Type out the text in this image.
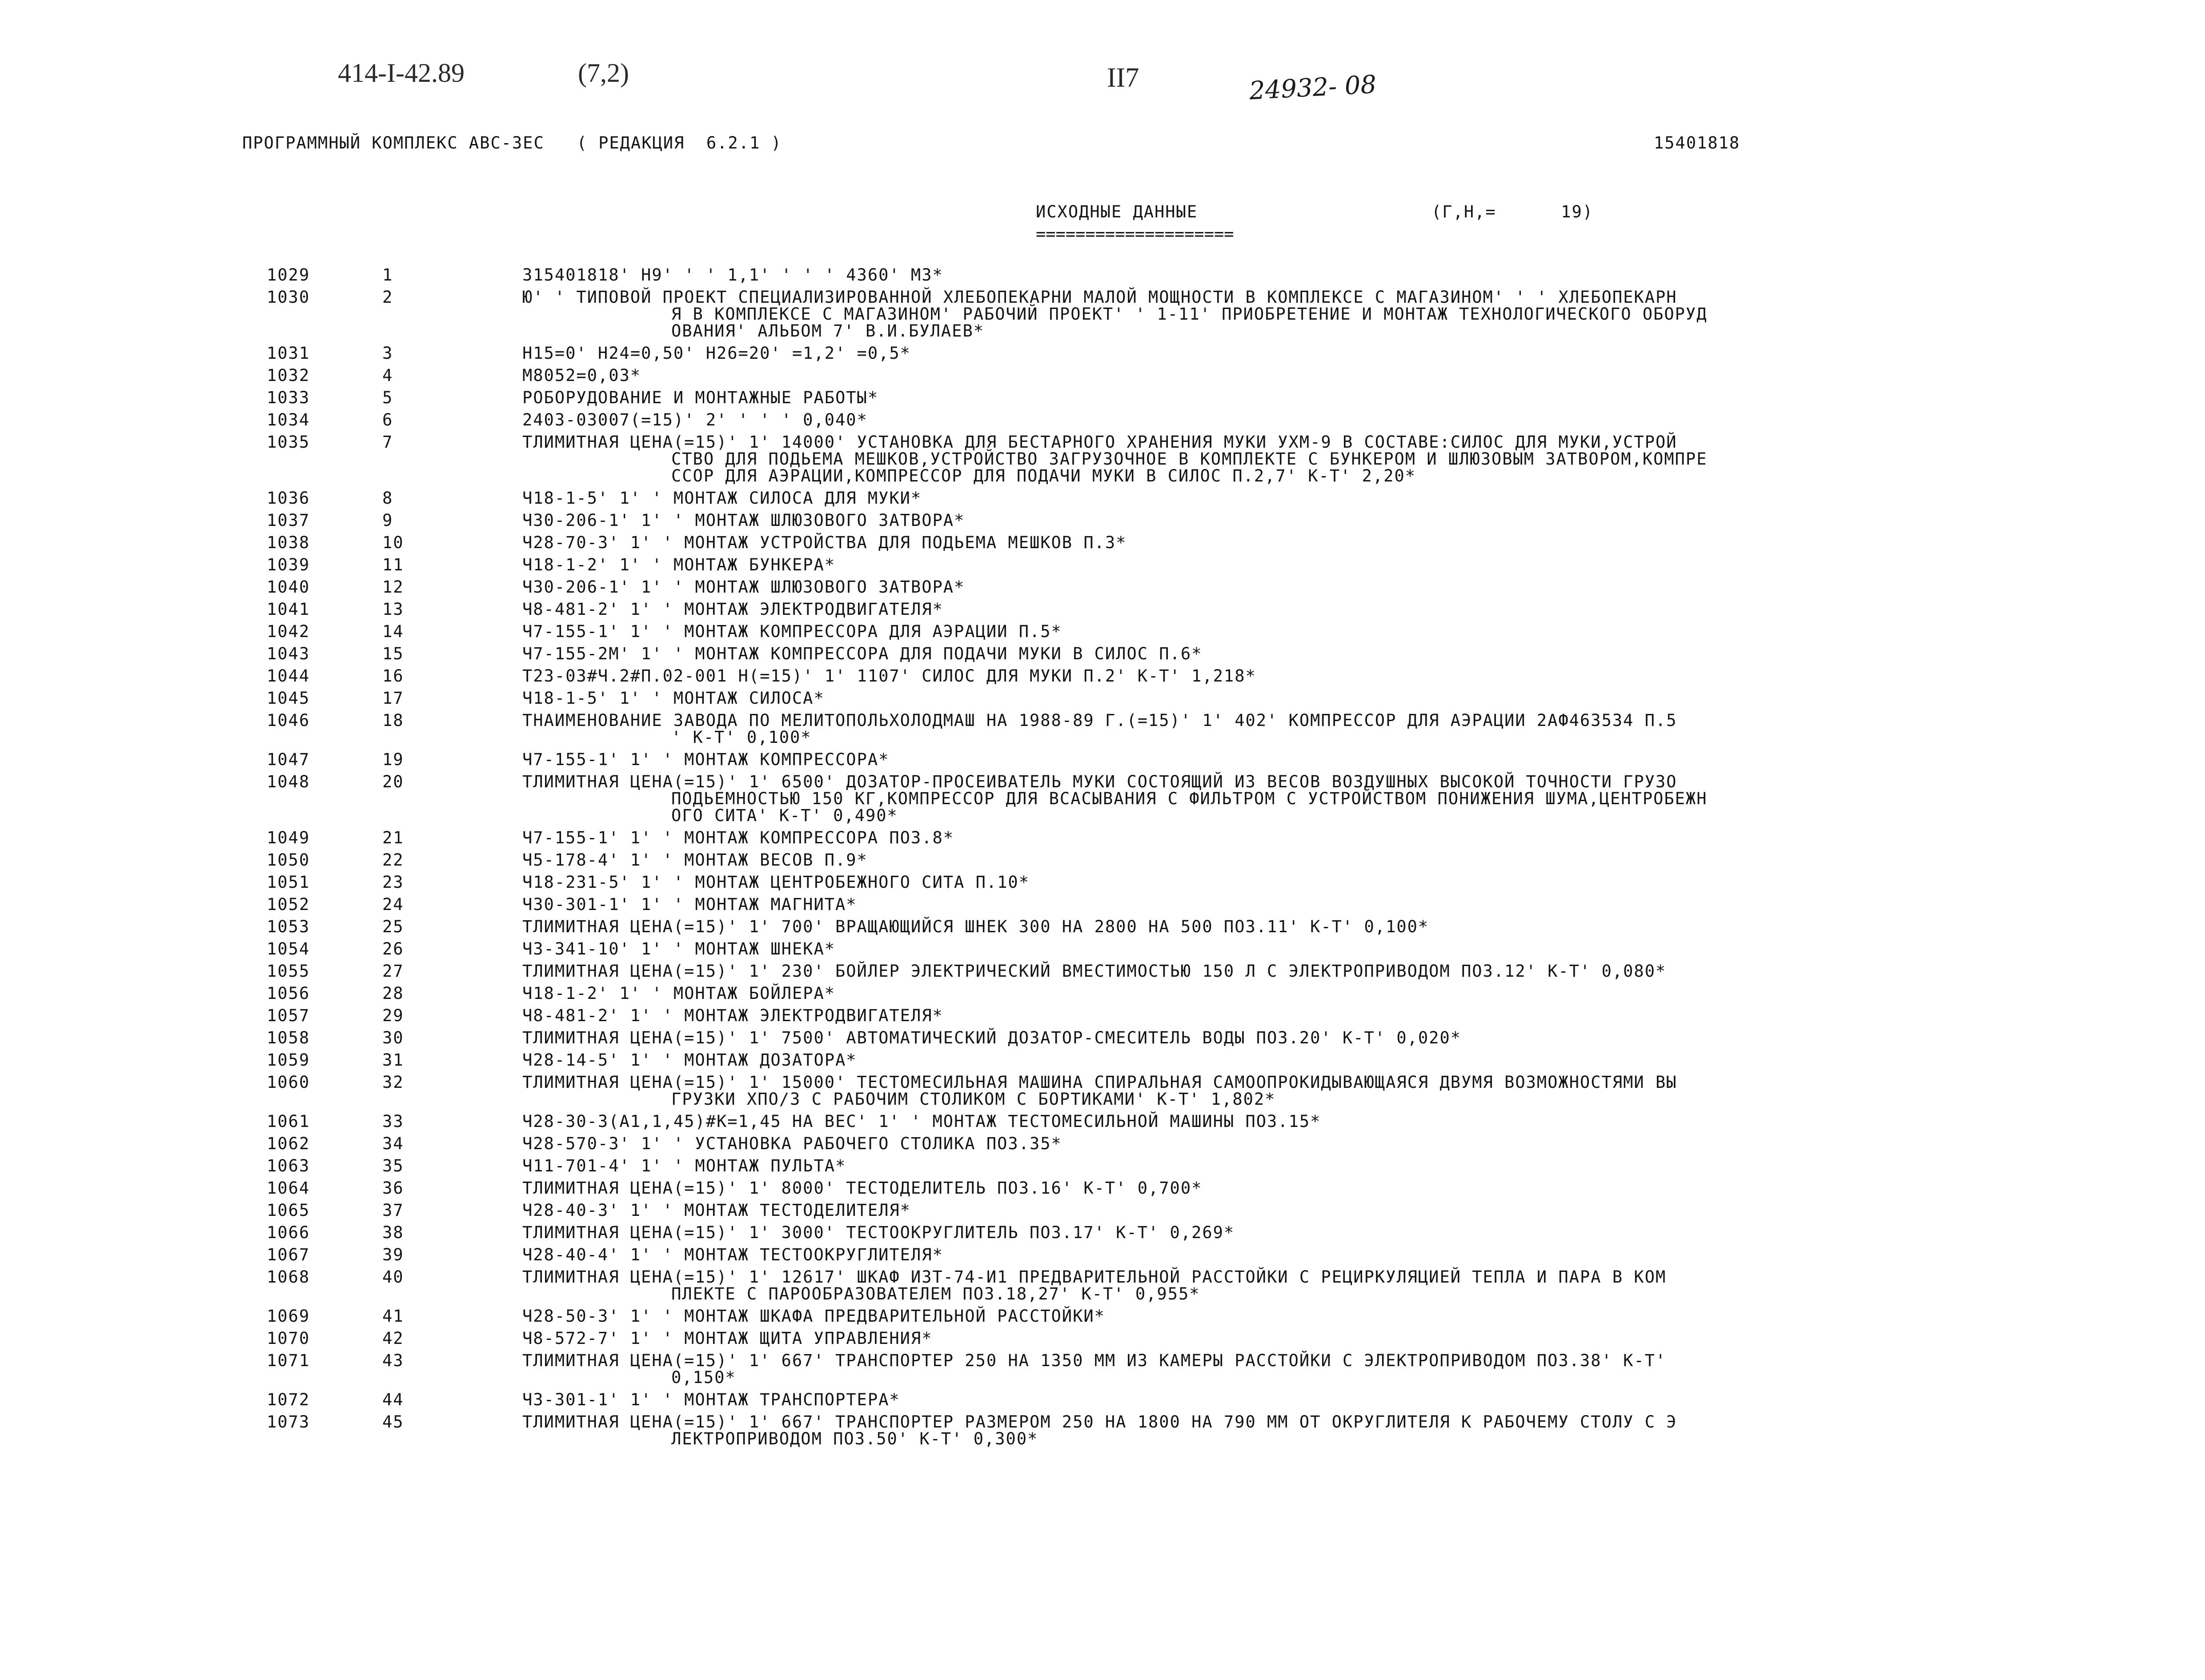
414-I-42.89	(7,2)	II7	24932- 08
ПРОГРАММНЫЙ КОМПЛЕКС АВС-3ЕС   ( РЕДАКЦИЯ  6.2.1 )	15401818
ИСХОДНЫЕ ДАННЫЕ
====================
(Г,Н,=      19)
1029	1	315401818' Н9' ' ' 1,1' ' ' ' 4360' М3*
1030	2	Ю' ' ТИПОВОЙ ПРОЕКТ СПЕЦИАЛИЗИРОВАННОЙ ХЛЕБОПЕКАРНИ МАЛОЙ МОЩНОСТИ В КОМПЛЕКСЕ С МАГАЗИНОМ' ' ' ХЛЕБОПЕКАРН
Я В КОМПЛЕКСЕ С МАГАЗИНОМ' РАБОЧИЙ ПРОЕКТ' ' 1-11' ПРИОБРЕТЕНИЕ И МОНТАЖ ТЕХНОЛОГИЧЕСКОГО ОБОРУД
ОВАНИЯ' АЛЬБОМ 7' В.И.БУЛАЕВ*
1031	3	Н15=0' Н24=0,50' Н26=20' =1,2' =0,5*
1032	4	М8052=0,03*
1033	5	РОБОРУДОВАНИЕ И МОНТАЖНЫЕ РАБОТЫ*
1034	6	2403-03007(=15)' 2' ' ' ' 0,040*
1035	7	ТЛИМИТНАЯ ЦЕНА(=15)' 1' 14000' УСТАНОВКА ДЛЯ БЕСТАРНОГО ХРАНЕНИЯ МУКИ УХМ-9 В СОСТАВЕ:СИЛОС ДЛЯ МУКИ,УСТРОЙ
СТВО ДЛЯ ПОДЬЕМА МЕШКОВ,УСТРОЙСТВО ЗАГРУЗОЧНОЕ В КОМПЛЕКТЕ С БУНКЕРОМ И ШЛЮЗОВЫМ ЗАТВОРОМ,КОМПРЕ
ССОР ДЛЯ АЭРАЦИИ,КОМПРЕССОР ДЛЯ ПОДАЧИ МУКИ В СИЛОС П.2,7' К-Т' 2,20*
1036	8	Ч18-1-5' 1' ' МОНТАЖ СИЛОСА ДЛЯ МУКИ*
1037	9	Ч30-206-1' 1' ' МОНТАЖ ШЛЮЗОВОГО ЗАТВОРА*
1038	10	Ч28-70-3' 1' ' МОНТАЖ УСТРОЙСТВА ДЛЯ ПОДЬЕМА МЕШКОВ П.3*
1039	11	Ч18-1-2' 1' ' МОНТАЖ БУНКЕРА*
1040	12	Ч30-206-1' 1' ' МОНТАЖ ШЛЮЗОВОГО ЗАТВОРА*
1041	13	Ч8-481-2' 1' ' МОНТАЖ ЭЛЕКТРОДВИГАТЕЛЯ*
1042	14	Ч7-155-1' 1' ' МОНТАЖ КОМПРЕССОРА ДЛЯ АЭРАЦИИ П.5*
1043	15	Ч7-155-2М' 1' ' МОНТАЖ КОМПРЕССОРА ДЛЯ ПОДАЧИ МУКИ В СИЛОС П.6*
1044	16	Т23-03#Ч.2#П.02-001 Н(=15)' 1' 1107' СИЛОС ДЛЯ МУКИ П.2' К-Т' 1,218*
1045	17	Ч18-1-5' 1' ' МОНТАЖ СИЛОСА*
1046	18	ТНАИМЕНОВАНИЕ ЗАВОДА ПО МЕЛИТОПОЛЬХОЛОДМАШ НА 1988-89 Г.(=15)' 1' 402' КОМПРЕССОР ДЛЯ АЭРАЦИИ 2АФ463534 П.5
' К-Т' 0,100*
1047	19	Ч7-155-1' 1' ' МОНТАЖ КОМПРЕССОРА*
1048	20	ТЛИМИТНАЯ ЦЕНА(=15)' 1' 6500' ДОЗАТОР-ПРОСЕИВАТЕЛЬ МУКИ СОСТОЯЩИЙ ИЗ ВЕСОВ ВОЗДУШНЫХ ВЫСОКОЙ ТОЧНОСТИ ГРУЗО
ПОДЬЕМНОСТЬЮ 150 КГ,КОМПРЕССОР ДЛЯ ВСАСЫВАНИЯ С ФИЛЬТРОМ С УСТРОЙСТВОМ ПОНИЖЕНИЯ ШУМА,ЦЕНТРОБЕЖН
ОГО СИТА' К-Т' 0,490*
1049	21	Ч7-155-1' 1' ' МОНТАЖ КОМПРЕССОРА ПОЗ.8*
1050	22	Ч5-178-4' 1' ' МОНТАЖ ВЕСОВ П.9*
1051	23	Ч18-231-5' 1' ' МОНТАЖ ЦЕНТРОБЕЖНОГО СИТА П.10*
1052	24	Ч30-301-1' 1' ' МОНТАЖ МАГНИТА*
1053	25	ТЛИМИТНАЯ ЦЕНА(=15)' 1' 700' ВРАЩАЮЩИЙСЯ ШНЕК 300 НА 2800 НА 500 ПОЗ.11' К-Т' 0,100*
1054	26	Ч3-341-10' 1' ' МОНТАЖ ШНЕКА*
1055	27	ТЛИМИТНАЯ ЦЕНА(=15)' 1' 230' БОЙЛЕР ЭЛЕКТРИЧЕСКИЙ ВМЕСТИМОСТЬЮ 150 Л С ЭЛЕКТРОПРИВОДОМ ПОЗ.12' К-Т' 0,080*
1056	28	Ч18-1-2' 1' ' МОНТАЖ БОЙЛЕРА*
1057	29	Ч8-481-2' 1' ' МОНТАЖ ЭЛЕКТРОДВИГАТЕЛЯ*
1058	30	ТЛИМИТНАЯ ЦЕНА(=15)' 1' 7500' АВТОМАТИЧЕСКИЙ ДОЗАТОР-СМЕСИТЕЛЬ ВОДЫ ПОЗ.20' К-Т' 0,020*
1059	31	Ч28-14-5' 1' ' МОНТАЖ ДОЗАТОРА*
1060	32	ТЛИМИТНАЯ ЦЕНА(=15)' 1' 15000' ТЕСТОМЕСИЛЬНАЯ МАШИНА СПИРАЛЬНАЯ САМООПРОКИДЫВАЮЩАЯСЯ ДВУМЯ ВОЗМОЖНОСТЯМИ ВЫ
ГРУЗКИ ХПО/3 С РАБОЧИМ СТОЛИКОМ С БОРТИКАМИ' К-Т' 1,802*
1061	33	Ч28-30-3(А1,1,45)#К=1,45 НА ВЕС' 1' ' МОНТАЖ ТЕСТОМЕСИЛЬНОЙ МАШИНЫ ПОЗ.15*
1062	34	Ч28-570-3' 1' ' УСТАНОВКА РАБОЧЕГО СТОЛИКА ПОЗ.35*
1063	35	Ч11-701-4' 1' ' МОНТАЖ ПУЛЬТА*
1064	36	ТЛИМИТНАЯ ЦЕНА(=15)' 1' 8000' ТЕСТОДЕЛИТЕЛЬ ПОЗ.16' К-Т' 0,700*
1065	37	Ч28-40-3' 1' ' МОНТАЖ ТЕСТОДЕЛИТЕЛЯ*
1066	38	ТЛИМИТНАЯ ЦЕНА(=15)' 1' 3000' ТЕСТООКРУГЛИТЕЛЬ ПОЗ.17' К-Т' 0,269*
1067	39	Ч28-40-4' 1' ' МОНТАЖ ТЕСТООКРУГЛИТЕЛЯ*
1068	40	ТЛИМИТНАЯ ЦЕНА(=15)' 1' 12617' ШКАФ ИЗТ-74-И1 ПРЕДВАРИТЕЛЬНОЙ РАССТОЙКИ С РЕЦИРКУЛЯЦИЕЙ ТЕПЛА И ПАРА В КОМ
ПЛЕКТЕ С ПАРООБРАЗОВАТЕЛЕМ ПОЗ.18,27' К-Т' 0,955*
1069	41	Ч28-50-3' 1' ' МОНТАЖ ШКАФА ПРЕДВАРИТЕЛЬНОЙ РАССТОЙКИ*
1070	42	Ч8-572-7' 1' ' МОНТАЖ ЩИТА УПРАВЛЕНИЯ*
1071	43	ТЛИМИТНАЯ ЦЕНА(=15)' 1' 667' ТРАНСПОРТЕР 250 НА 1350 ММ ИЗ КАМЕРЫ РАССТОЙКИ С ЭЛЕКТРОПРИВОДОМ ПОЗ.38' К-Т'
0,150*
1072	44	Ч3-301-1' 1' ' МОНТАЖ ТРАНСПОРТЕРА*
1073	45	ТЛИМИТНАЯ ЦЕНА(=15)' 1' 667' ТРАНСПОРТЕР РАЗМЕРОМ 250 НА 1800 НА 790 ММ ОТ ОКРУГЛИТЕЛЯ К РАБОЧЕМУ СТОЛУ С Э
ЛЕКТРОПРИВОДОМ ПОЗ.50' К-Т' 0,300*
